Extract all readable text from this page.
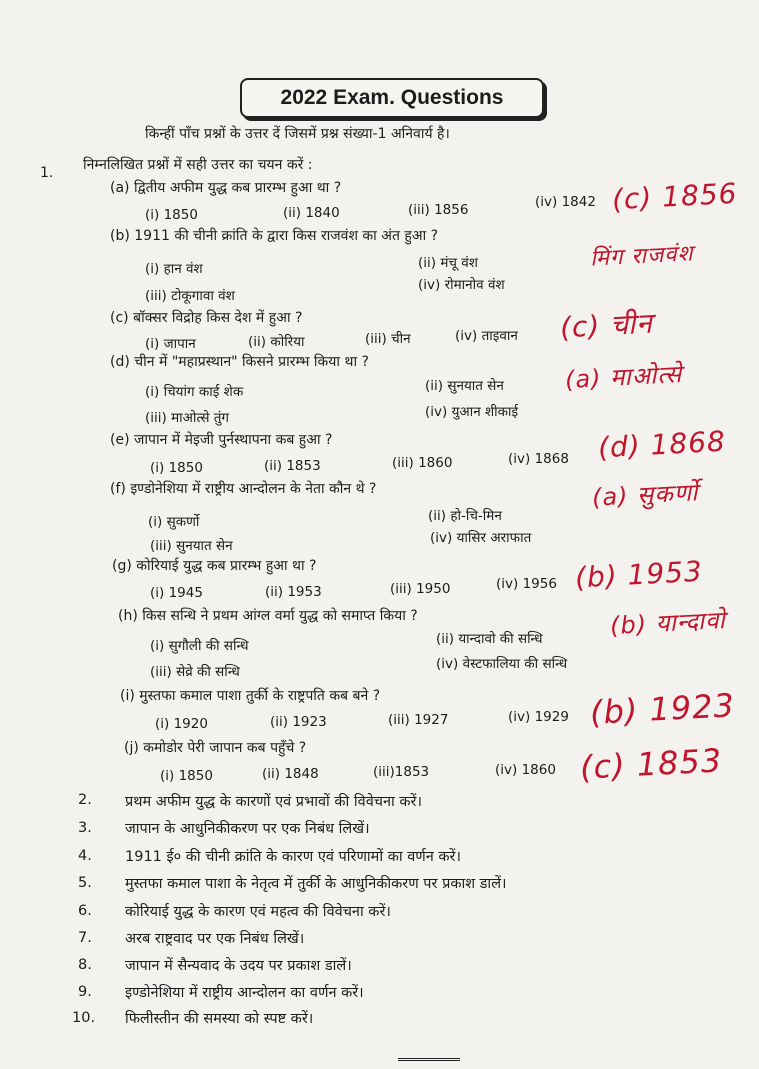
2022 Exam. Questions
किन्हीं पाँच प्रश्नों के उत्तर दें जिसमें प्रश्न संख्या-1 अनिवार्य है।
1. निम्नलिखित प्रश्नों में सही उत्तर का चयन करें :
(a) द्वितीय अफीम युद्ध कब प्रारम्भ हुआ था ?
(i) 1850	(ii) 1840	(iii) 1856	(iv) 1842 (c) 1856
(b) 1911 की चीनी क्रांति के द्वारा किस राजवंश का अंत हुआ ?
(i) हान वंश	(ii) मंचू वंश
(iii) टोकूगावा वंश
(iv) रोमानोव वंश
मिंग राजवंश
(c) बॉक्सर विद्रोह किस देश में हुआ ?
(i) जापान	(ii) कोरिया	(iii) चीन	(iv) ताइवान (c) चीन
(d) चीन में "महाप्रस्थान" किसने प्रारम्भ किया था ?
(i) चियांग काई शेक	(ii) सुनयात सेन
(iii) माओत्से तुंग	(iv) युआन शीकाई
(a) माओत्से
(e) जापान में मेइजी पुर्नस्थापना कब हुआ ?
(i) 1850	(ii) 1853	(iii) 1860	(iv) 1868 (d) 1868
(f) इण्डोनेशिया में राष्ट्रीय आन्दोलन के नेता कौन थे ?
(i) सुकर्णो	(ii) हो-चि-मिन
(iii) सुनयात सेन	(iv) यासिर अराफात
(a) सुकर्णो
(g) कोरियाई युद्ध कब प्रारम्भ हुआ था ?
(i) 1945	(ii) 1953	(iii) 1950	(iv) 1956 (b) 1953
(h) किस सन्धि ने प्रथम आंग्ल वर्मा युद्ध को समाप्त किया ?
(i) सुगौली की सन्धि	(ii) यान्दावो की सन्धि
(iii) सेव्रे की सन्धि	(iv) वेस्टफालिया की सन्धि
(b) यान्दावो
(i) मुस्तफा कमाल पाशा तुर्की के राष्ट्रपति कब बने ?
(i) 1920	(ii) 1923	(iii) 1927	(iv) 1929 (b) 1923
(j) कमोडोर पेरी जापान कब पहुँचे ?
(i) 1850	(ii) 1848	(iii)1853	(iv) 1860 (c) 1853
2. प्रथम अफीम युद्ध के कारणों एवं प्रभावों की विवेचना करें।
3. जापान के आधुनिकीकरण पर एक निबंध लिखें।
4. 1911 ई० की चीनी क्रांति के कारण एवं परिणामों का वर्णन करें।
5. मुस्तफा कमाल पाशा के नेतृत्व में तुर्की के आधुनिकीकरण पर प्रकाश डालें।
6. कोरियाई युद्ध के कारण एवं महत्व की विवेचना करें।
7. अरब राष्ट्रवाद पर एक निबंध लिखें।
8. जापान में सैन्यवाद के उदय पर प्रकाश डालें।
9. इण्डोनेशिया में राष्ट्रीय आन्दोलन का वर्णन करें।
10. फिलीस्तीन की समस्या को स्पष्ट करें।
